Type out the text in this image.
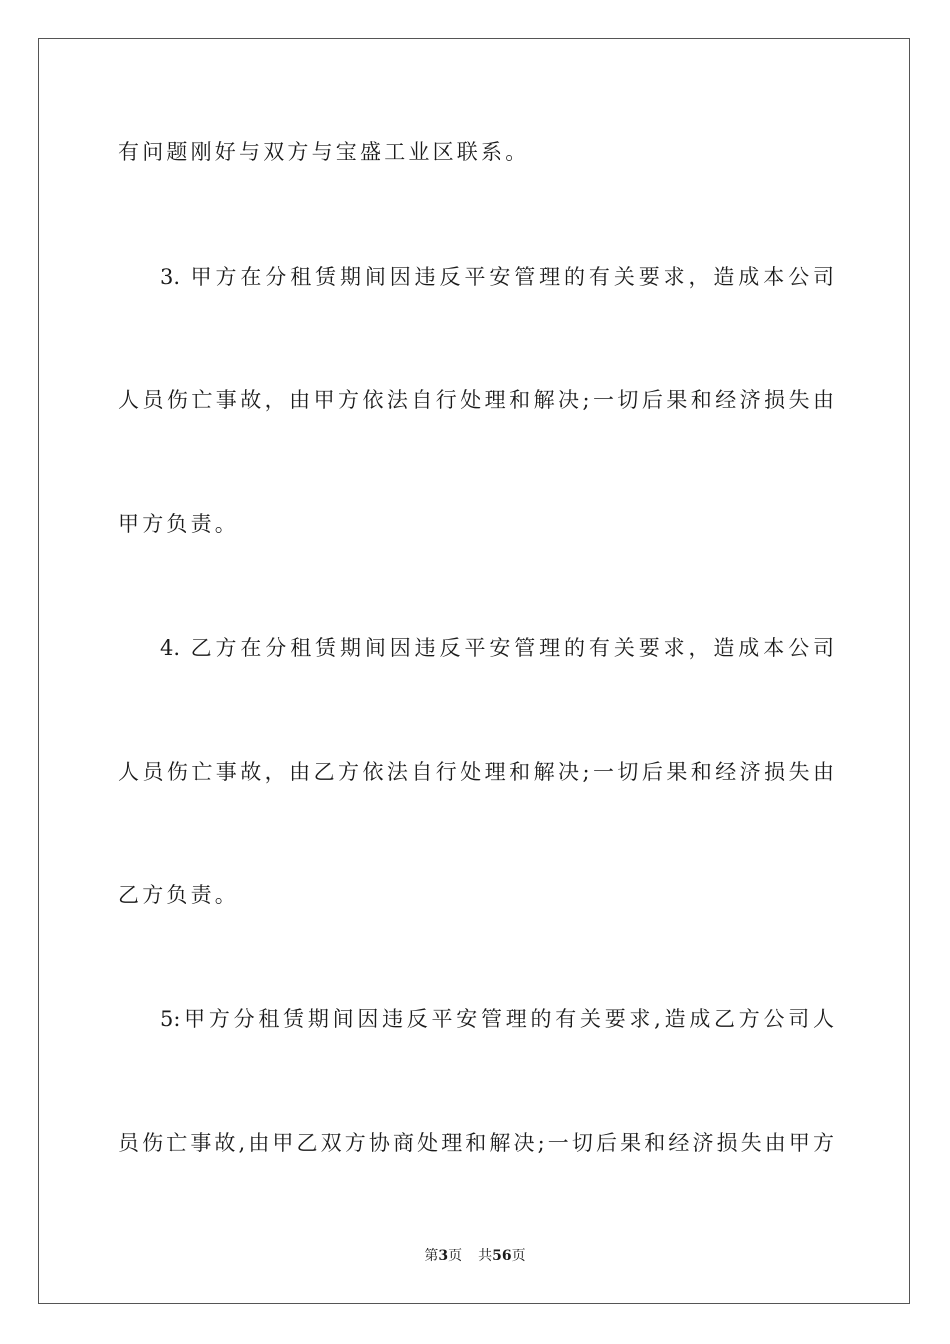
有问题刚好与双方与宝盛工业区联系。
3. 甲方在分租赁期间因违反平安管理的有关要求，造成本公司
人员伤亡事故，由甲方依法自行处理和解决;一切后果和经济损失由
甲方负责。
4. 乙方在分租赁期间因违反平安管理的有关要求，造成本公司
人员伤亡事故，由乙方依法自行处理和解决;一切后果和经济损失由
乙方负责。
5:甲方分租赁期间因违反平安管理的有关要求,造成乙方公司人
员伤亡事故,由甲乙双方协商处理和解决;一切后果和经济损失由甲方
第3页 共56页
